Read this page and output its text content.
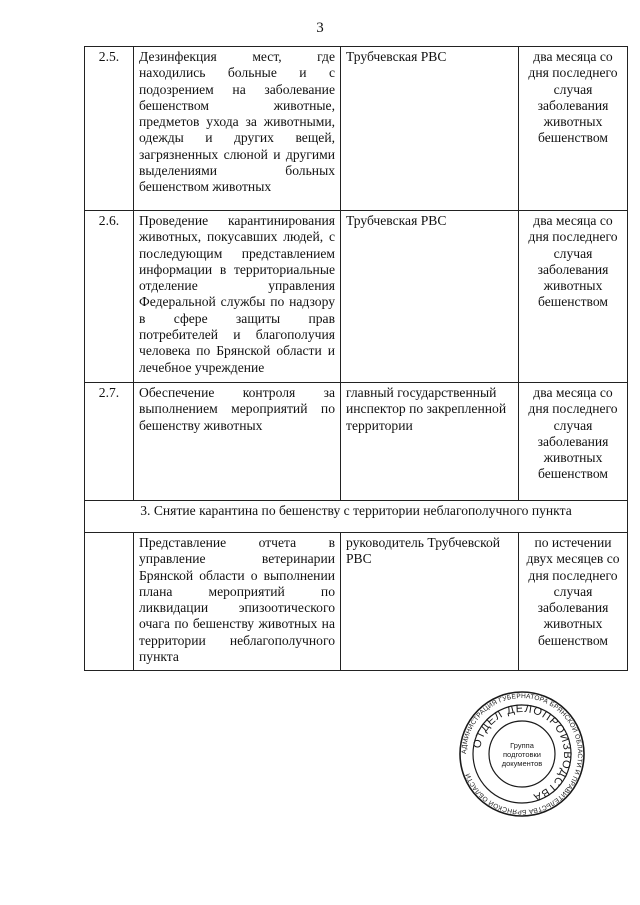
3
2.5.	Дезинфекция мест, где находились больные и с подозрением на заболевание бешенством животные, предметов ухода за животными, одежды и других вещей, загрязненных слюной и другими выделениями больных бешенством животных	Трубчевская РВС	два месяца со дня последнего случая заболевания животных бешенством
2.6.	Проведение карантинирования животных, покусавших людей, с последующим представлением информации в территориальные отделение управления Федеральной службы по надзору в сфере защиты прав потребителей и благополучия человека по Брянской области и лечебное учреждение	Трубчевская РВС	два месяца со дня последнего случая заболевания животных бешенством
2.7.	Обеспечение контроля за выполнением мероприятий по бешенству животных	главный государственный инспектор по закрепленной территории	два месяца со дня последнего случая заболевания животных бешенством
3. Снятие карантина по бешенству с территории неблагополучного пункта			
	Представление отчета в управление ветеринарии Брянской области о выполнении плана мероприятий по ликвидации эпизоотического очага по бешенству животных на территории неблагополучного пункта	руководитель Трубчевской РВС	по истечении двух месяцев со дня последнего случая заболевания животных бешенством
АДМИНИСТРАЦИЯ ГУБЕРНАТОРА БРЯНСКОЙ ОБЛАСТИ И ПРАВИТЕЛЬСТВА БРЯНСКОЙ ОБЛАСТИ
ОТДЕЛ ДЕЛОПРОИЗВОДСТВА
Группа
подготовки
документов
